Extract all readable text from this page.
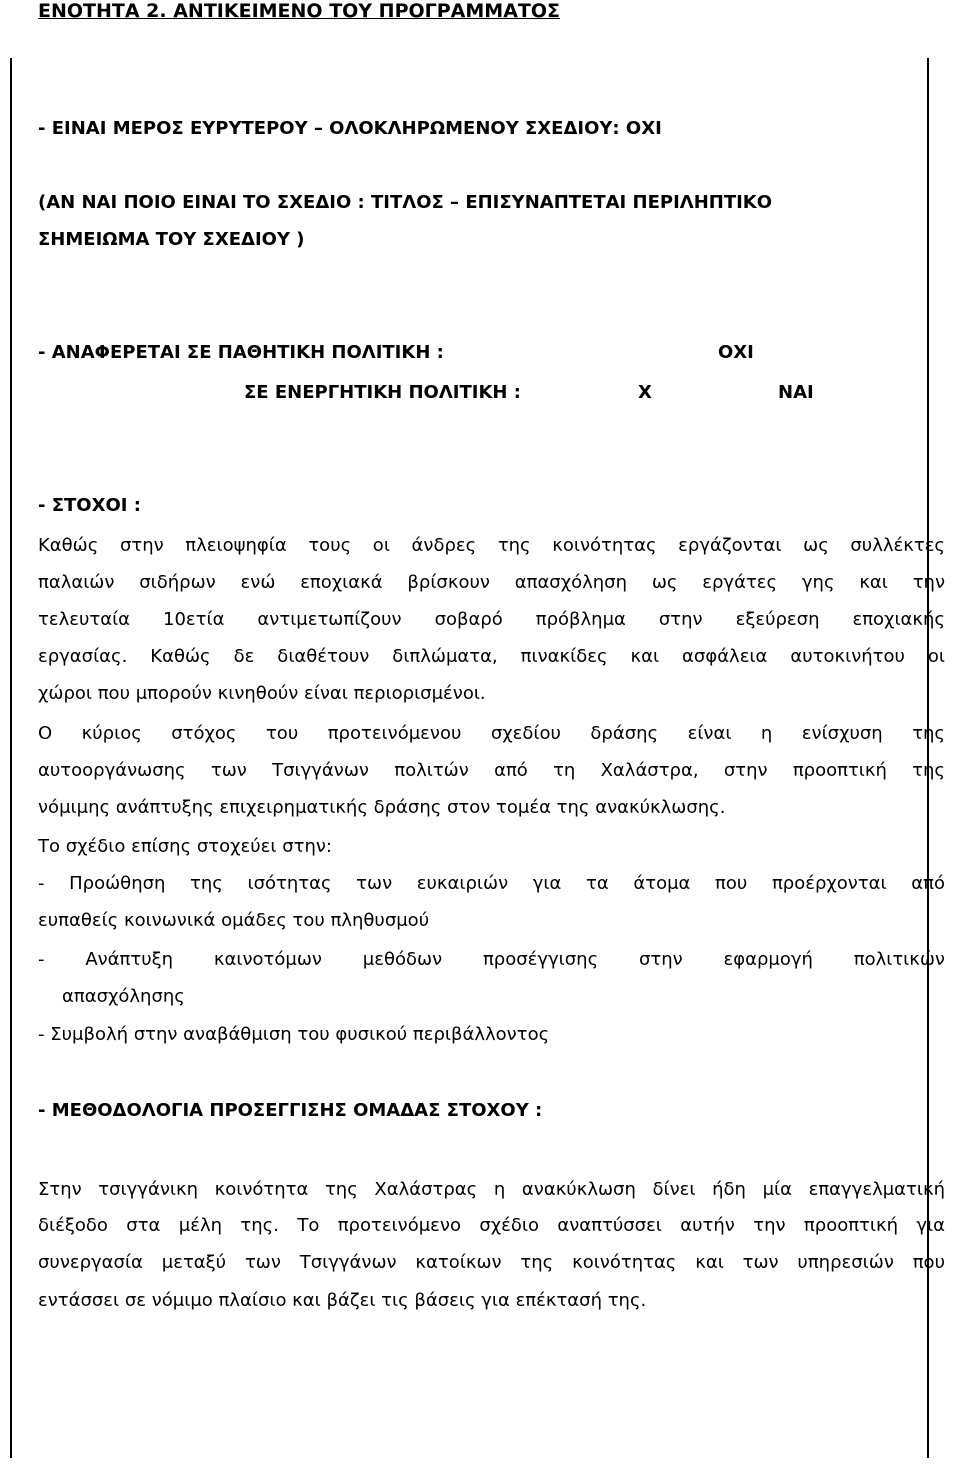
ΕΝΟΤΗΤΑ 2. ΑΝΤΙΚΕΙΜΕΝΟ ΤΟΥ ΠΡΟΓΡΑΜΜΑΤΟΣ
- ΕΙΝΑΙ ΜΕΡΟΣ ΕΥΡΥΤΕΡΟΥ – ΟΛΟΚΛΗΡΩΜΕΝΟΥ ΣΧΕΔΙΟΥ: ΟΧΙ
(ΑΝ ΝΑΙ ΠΟΙΟ ΕΙΝΑΙ ΤΟ ΣΧΕΔΙΟ : ΤΙΤΛΟΣ – ΕΠΙΣΥΝΑΠΤΕΤΑΙ ΠΕΡΙΛΗΠΤΙΚΟ
ΣΗΜΕΙΩΜΑ ΤΟΥ ΣΧΕΔΙΟΥ )
- ΑΝΑΦΕΡΕΤΑΙ ΣΕ ΠΑΘΗΤΙΚΗ ΠΟΛΙΤΙΚΗ :	ΟΧΙ
ΣΕ ΕΝΕΡΓΗΤΙΚΗ ΠΟΛΙΤΙΚΗ :	Χ	ΝΑΙ
- ΣΤΟΧΟΙ :
Καθώς στην πλειοψηφία τους οι άνδρες της κοινότητας εργάζονται ως συλλέκτες
παλαιών σιδήρων ενώ εποχιακά βρίσκουν απασχόληση ως εργάτες γης και την
τελευταία 10ετία αντιμετωπίζουν σοβαρό πρόβλημα στην εξεύρεση εποχιακής
εργασίας. Καθώς δε διαθέτουν διπλώματα, πινακίδες και ασφάλεια αυτοκινήτου οι
χώροι που μπορούν κινηθούν είναι περιορισμένοι.
Ο κύριος στόχος του προτεινόμενου σχεδίου δράσης είναι η ενίσχυση της
αυτοοργάνωσης των Τσιγγάνων πολιτών από τη Χαλάστρα, στην προοπτική της
νόμιμης ανάπτυξης επιχειρηματικής δράσης στον τομέα της ανακύκλωσης.
Το σχέδιο επίσης στοχεύει στην:
- Προώθηση της ισότητας των ευκαιριών για τα άτομα που προέρχονται από
ευπαθείς κοινωνικά ομάδες του πληθυσμού
- Ανάπτυξη καινοτόμων μεθόδων προσέγγισης στην εφαρμογή πολιτικών
απασχόλησης
- Συμβολή στην αναβάθμιση του φυσικού περιβάλλοντος
- ΜΕΘΟΔΟΛΟΓΙΑ ΠΡΟΣΕΓΓΙΣΗΣ ΟΜΑΔΑΣ ΣΤΟΧΟΥ :
Στην τσιγγάνικη κοινότητα της Χαλάστρας η ανακύκλωση δίνει ήδη μία επαγγελματική
διέξοδο στα μέλη της. Το προτεινόμενο σχέδιο αναπτύσσει αυτήν την προοπτική για
συνεργασία μεταξύ των Τσιγγάνων κατοίκων της κοινότητας και των υπηρεσιών που
εντάσσει σε νόμιμο πλαίσιο και βάζει τις βάσεις για επέκτασή της.
